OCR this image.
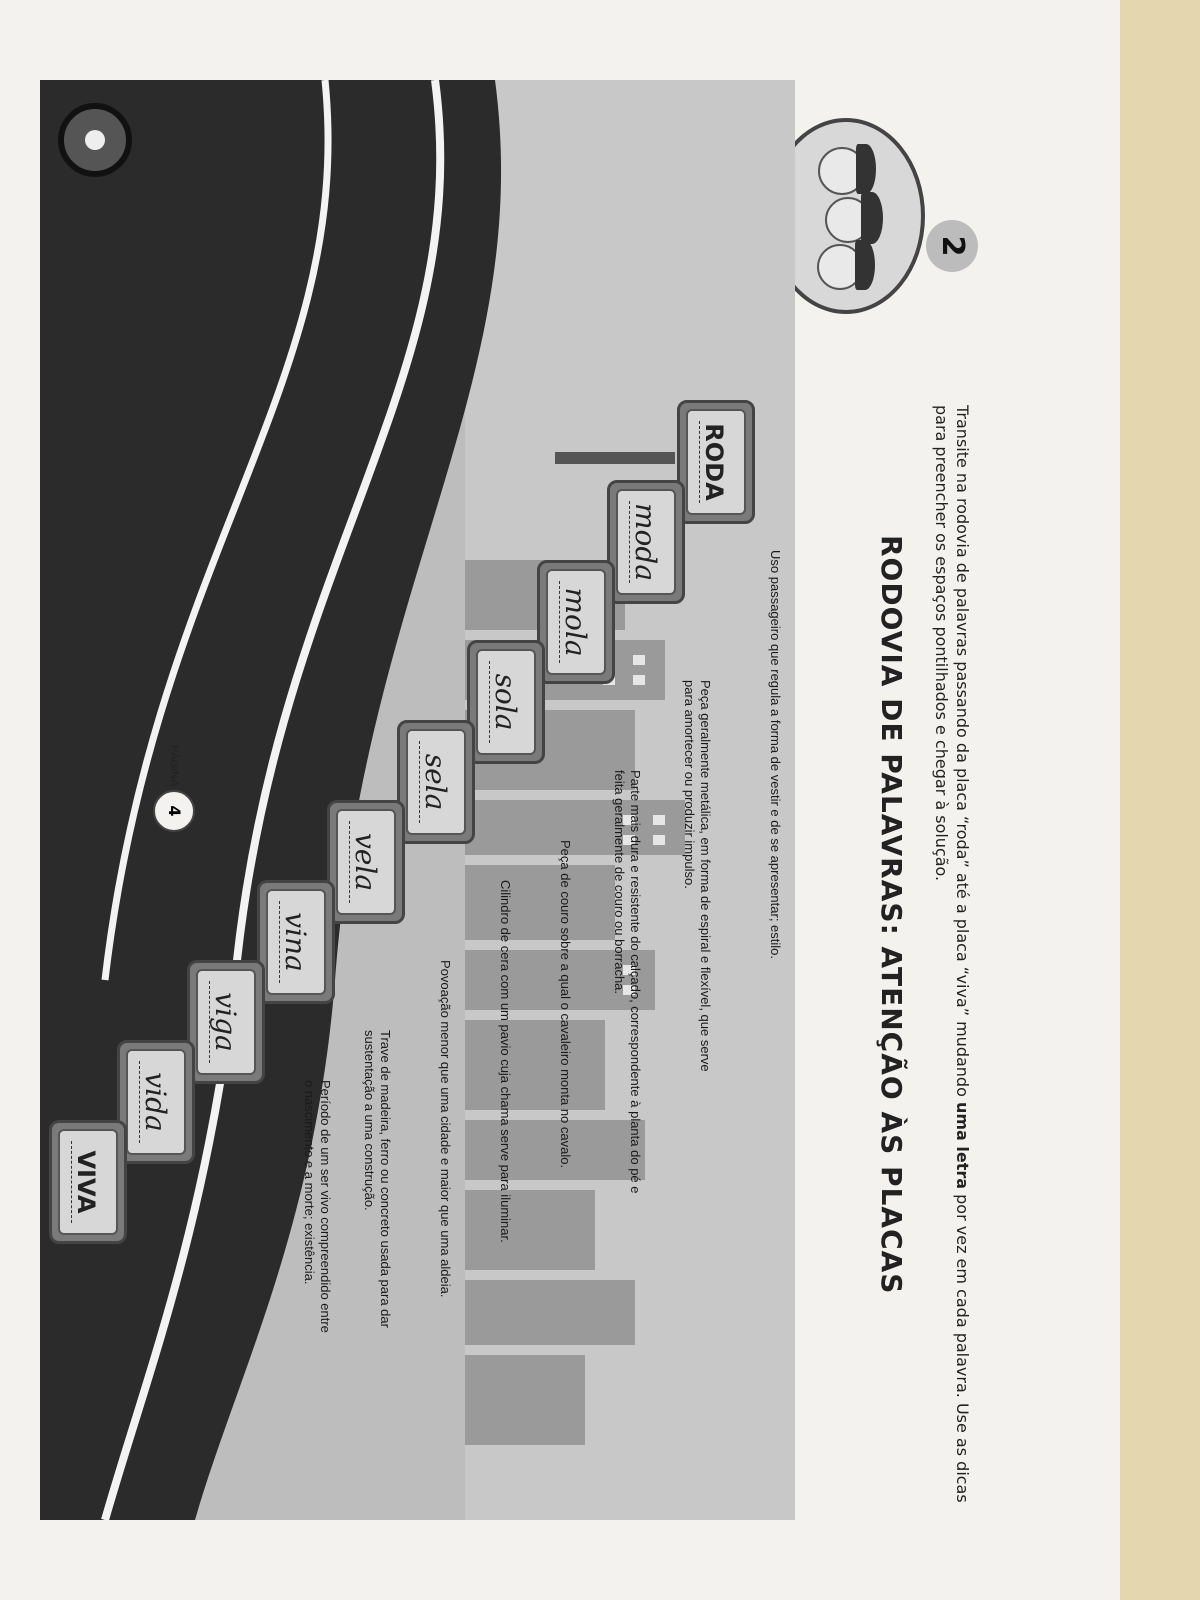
2
Transite na rodovia de palavras passando da placa “roda” até a placa “viva” mudando uma letra por vez em cada palavra. Use as dicas para preencher os espaços pontilhados e chegar à solução.
RODOVIA DE PALAVRAS: ATENÇÃO ÀS PLACAS
Uso passageiro que regula a forma de vestir e de se apresentar; estilo.
Peça geralmente metálica, em forma de espiral e flexível, que serve para amortecer ou produzir impulso.
Parte mais dura e resistente do calçado, correspondente à planta do pé e feita geralmente de couro ou borracha.
Peça de couro sobre a qual o cavaleiro monta no cavalo.
Cilindro de cera com um pavio cuja chama serve para iluminar.
Povoação menor que uma cidade e maior que uma aldeia.
Trave de madeira, ferro ou concreto usada para dar sustentação a uma construção.
Período de um ser vivo compreendido entre o nascimento e a morte; existência.
RODA
moda
mola
sola
sela
vela
vina
viga
vida
VIVA
PÁGINA
4
